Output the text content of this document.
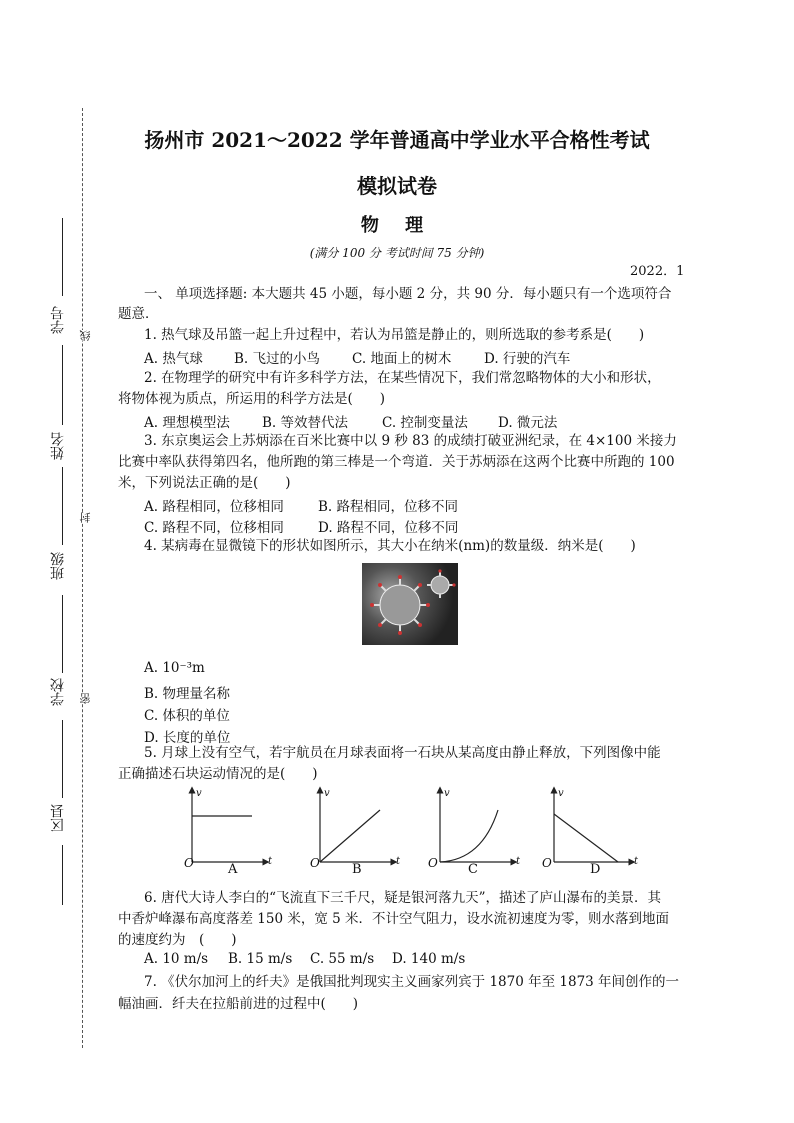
学号
姓名
班级
学校
区县
线
封
密
扬州市 2021～2022 学年普通高中学业水平合格性考试
模拟试卷
物 理
(满分 100 分 考试时间 75 分钟)
2022．1
一、 单项选择题: 本大题共 45 小题，每小题 2 分，共 90 分．每小题只有一个选项符合
题意．
1. 热气球及吊篮一起上升过程中，若认为吊篮是静止的，则所选取的参考系是(　　)
A. 热气球 B. 飞过的小鸟 C. 地面上的树木 D. 行驶的汽车
2. 在物理学的研究中有许多科学方法，在某些情况下，我们常忽略物体的大小和形状，
将物体视为质点，所运用的科学方法是(　　)
A. 理想模型法 B. 等效替代法	C. 控制变量法 D. 微元法
3. 东京奥运会上苏炳添在百米比赛中以 9 秒 83 的成绩打破亚洲纪录，在 4×100 米接力
比赛中率队获得第四名，他所跑的第三棒是一个弯道．关于苏炳添在这两个比赛中所跑的 100
米，下列说法正确的是(　　)
A. 路程相同，位移相同	B. 路程相同，位移不同
C. 路程不同，位移相同	D. 路程不同，位移不同
4. 某病毒在显微镜下的形状如图所示，其大小在纳米(nm)的数量级．纳米是(　　)
A. 10⁻³m
B. 物理量名称
C. 体积的单位
D. 长度的单位
5. 月球上没有空气，若宇航员在月球表面将一石块从某高度由静止释放，下列图像中能
正确描述石块运动情况的是(　　)
v
t
O	A
v
t
O B
v
t
O C
v
t
O	D
6. 唐代大诗人李白的“飞流直下三千尺，疑是银河落九天”，描述了庐山瀑布的美景．其
中香炉峰瀑布高度落差 150 米，宽 5 米．不计空气阻力，设水流初速度为零，则水落到地面
的速度约为　(　　)
A. 10 m/s B. 15 m/s C. 55 m/s D. 140 m/s
7. 《伏尔加河上的纤夫》是俄国批判现实主义画家列宾于 1870 年至 1873 年间创作的一
幅油画．纤夫在拉船前进的过程中(　　)
